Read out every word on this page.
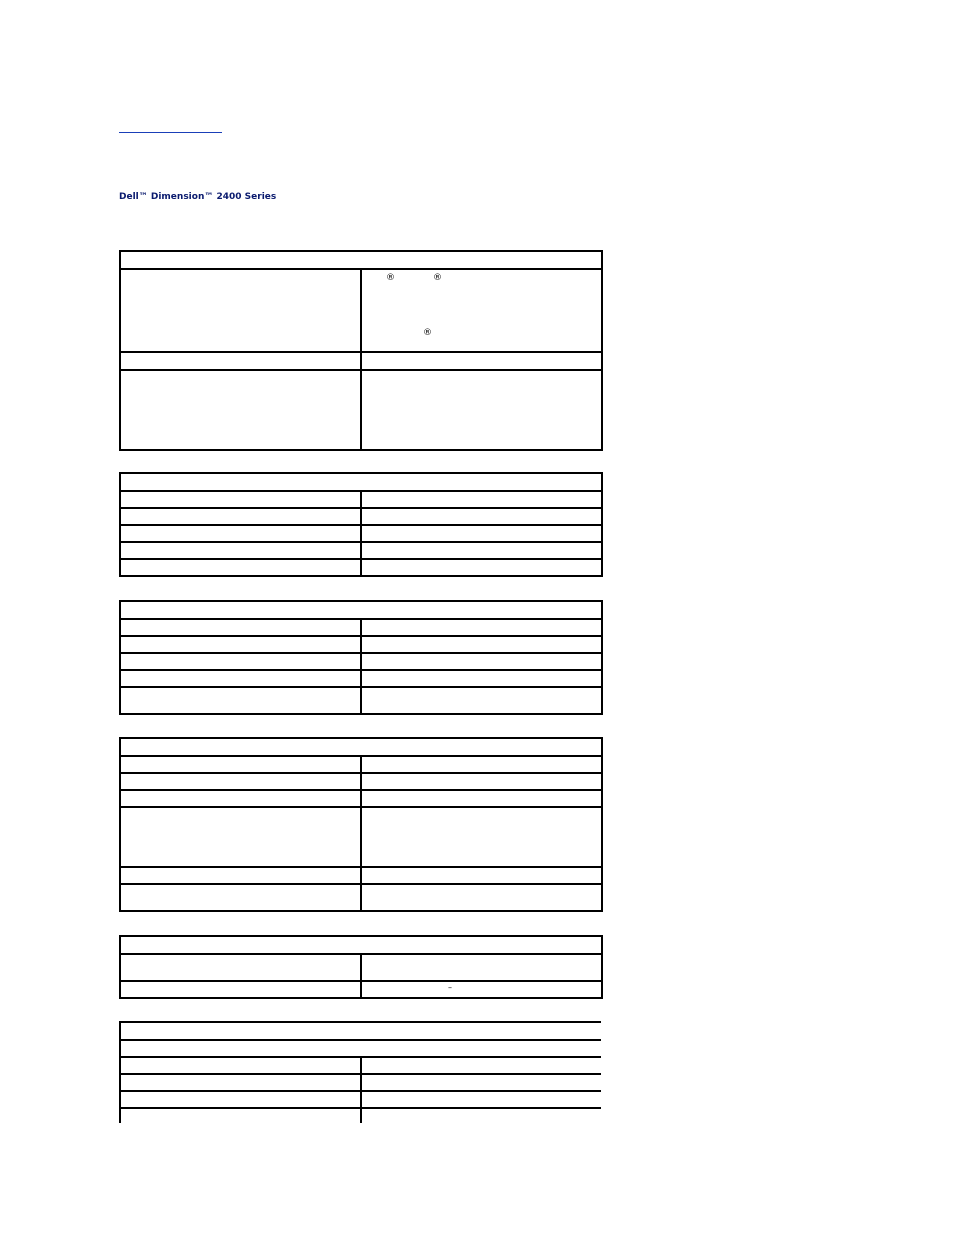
Dell™ Dimension™ 2400 Series

	® ®
®

	–
